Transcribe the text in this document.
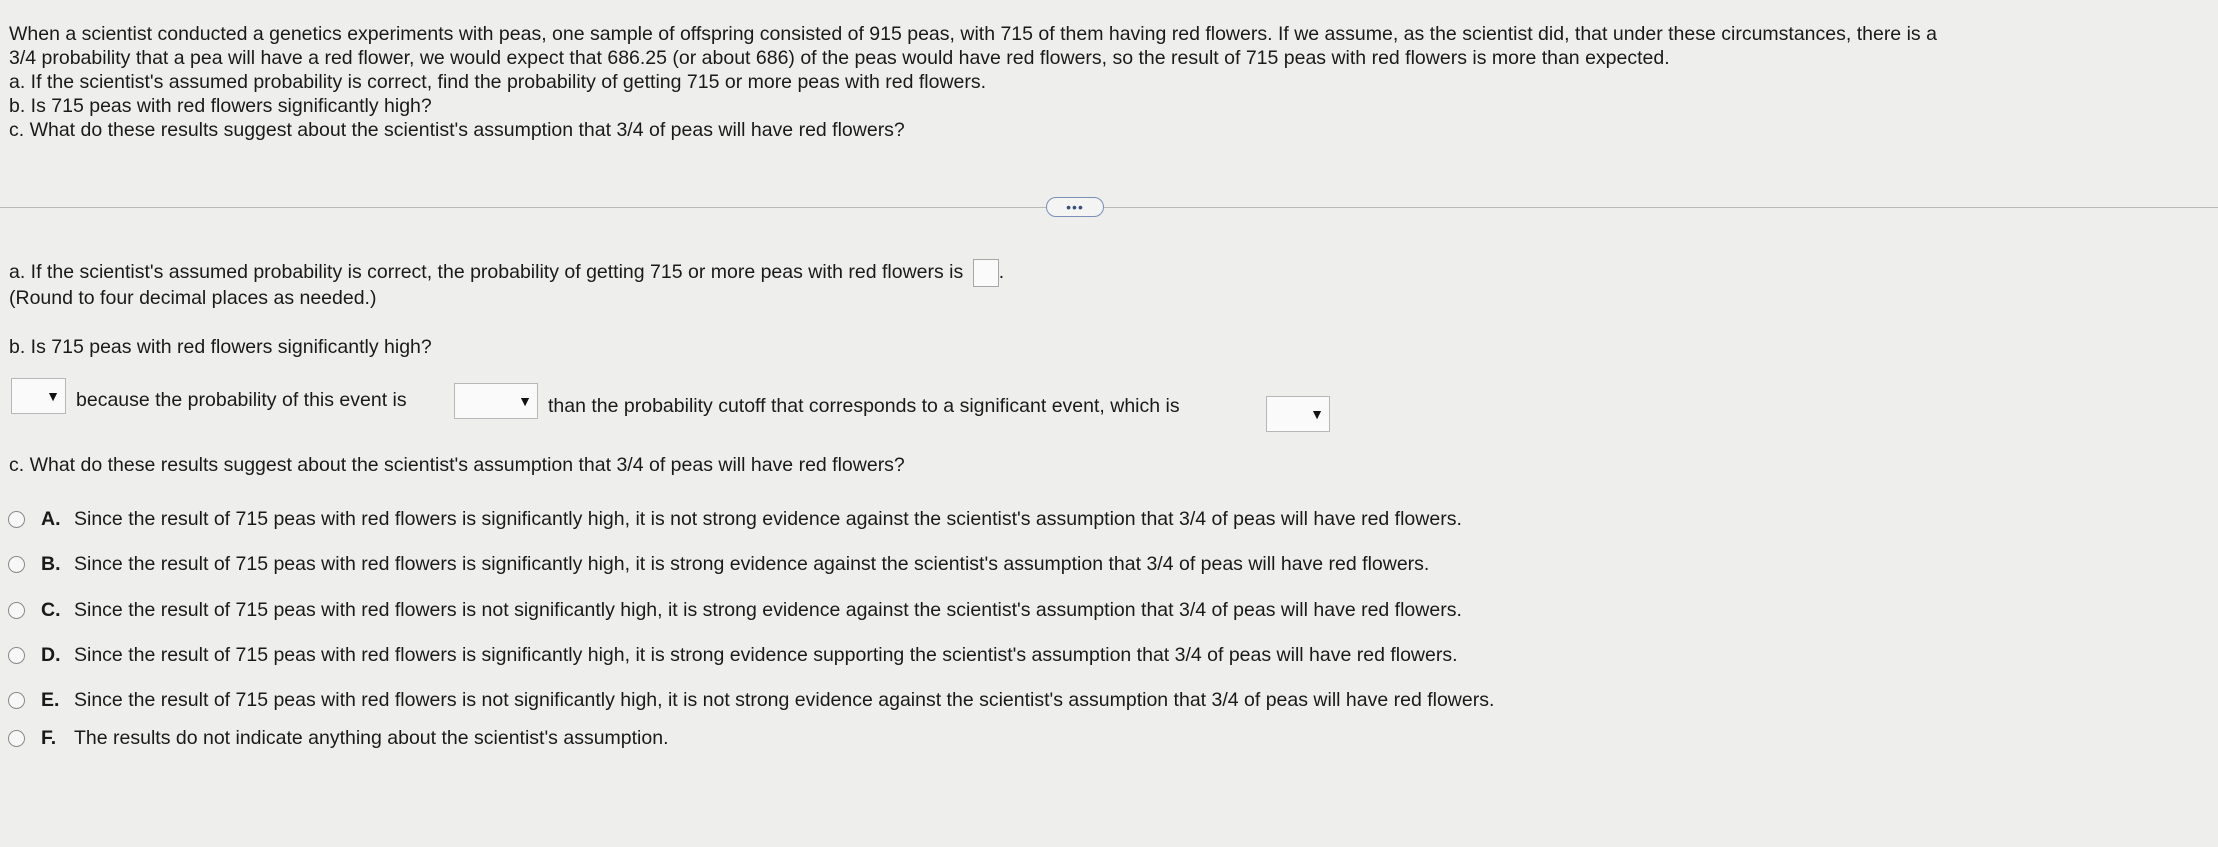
When a scientist conducted a genetics experiments with peas, one sample of offspring consisted of 915 peas, with 715 of them having red flowers. If we assume, as the scientist did, that under these circumstances, there is a

3/4 probability that a pea will have a red flower, we would expect that 686.25 (or about 686) of the peas would have red flowers, so the result of 715 peas with red flowers is more than expected.

a. If the scientist's assumed probability is correct, find the probability of getting 715 or more peas with red flowers.

b. Is 715 peas with red flowers significantly high?

c. What do these results suggest about the scientist's assumption that 3/4 of peas will have red flowers?

•••
a. If the scientist's assumed probability is correct, the probability of getting 715 or more peas with red flowers is .
(Round to four decimal places as needed.)
b. Is 715 peas with red flowers significantly high?
▼ because the probability of this event is	▼ than the probability cutoff that corresponds to a significant event, which is	▼
c. What do these results suggest about the scientist's assumption that 3/4 of peas will have red flowers?
A. Since the result of 715 peas with red flowers is significantly high, it is not strong evidence against the scientist's assumption that 3/4 of peas will have red flowers.
B. Since the result of 715 peas with red flowers is significantly high, it is strong evidence against the scientist's assumption that 3/4 of peas will have red flowers.
C. Since the result of 715 peas with red flowers is not significantly high, it is strong evidence against the scientist's assumption that 3/4 of peas will have red flowers.
D. Since the result of 715 peas with red flowers is significantly high, it is strong evidence supporting the scientist's assumption that 3/4 of peas will have red flowers.
E. Since the result of 715 peas with red flowers is not significantly high, it is not strong evidence against the scientist's assumption that 3/4 of peas will have red flowers.
F. The results do not indicate anything about the scientist's assumption.
